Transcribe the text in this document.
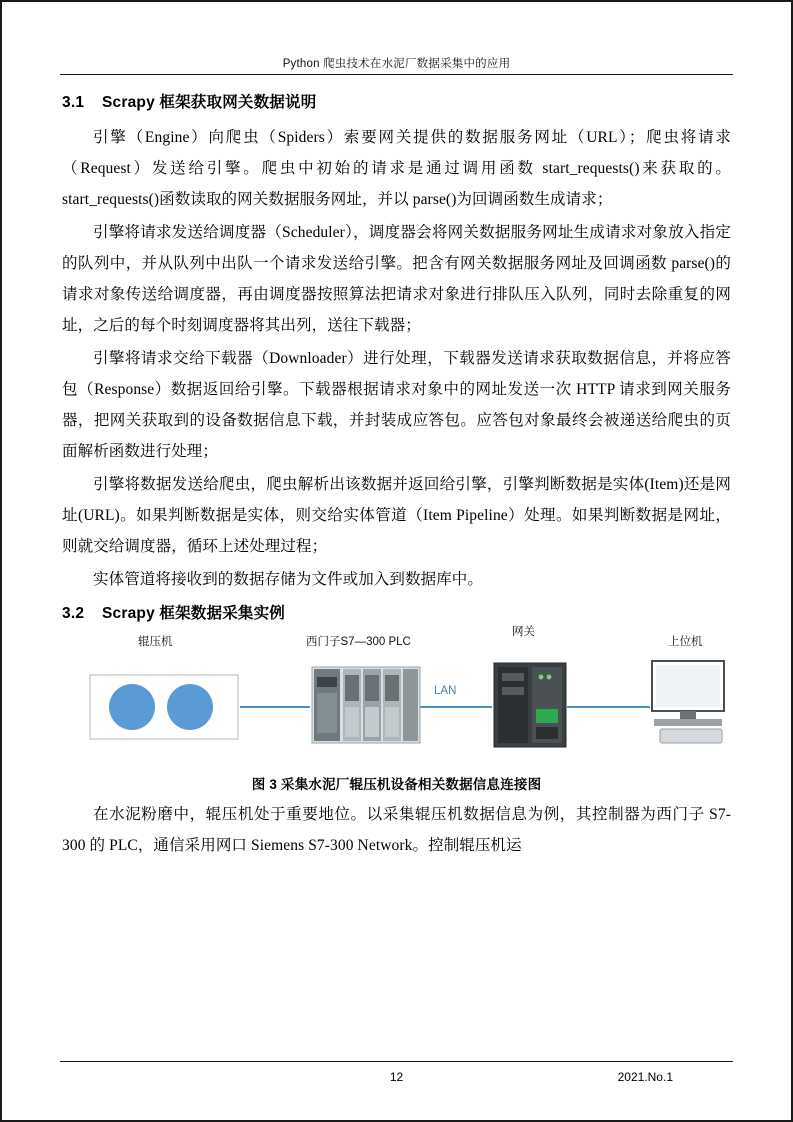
Python 爬虫技术在水泥厂数据采集中的应用
3.1 Scrapy 框架获取网关数据说明

引擎（Engine）向爬虫（Spiders）索要网关提供的数据服务网址（URL）；爬虫将请求（Request）发送给引擎。爬虫中初始的请求是通过调用函数 start_requests()来获取的。start_requests()函数读取的网关数据服务网址，并以 parse()为回调函数生成请求；

引擎将请求发送给调度器（Scheduler），调度器会将网关数据服务网址生成请求对象放入指定的队列中，并从队列中出队一个请求发送给引擎。把含有网关数据服务网址及回调函数 parse()的请求对象传送给调度器，再由调度器按照算法把请求对象进行排队压入队列，同时去除重复的网址，之后的每个时刻调度器将其出列，送往下载器；

引擎将请求交给下载器（Downloader）进行处理，下载器发送请求获取数据信息，并将应答包（Response）数据返回给引擎。下载器根据请求对象中的网址发送一次 HTTP 请求到网关服务器，把网关获取到的设备数据信息下载，并封装成应答包。应答包对象最终会被递送给爬虫的页面解析函数进行处理；

引擎将数据发送给爬虫，爬虫解析出该数据并返回给引擎，引擎判断数据是实体(Item)还是网址(URL)。如果判断数据是实体，则交给实体管道（Item Pipeline）处理。如果判断数据是网址，则就交给调度器，循环上述处理过程；

实体管道将接收到的数据存储为文件或加入到数据库中。

3.2 Scrapy 框架数据采集实例
辊压机	西门子S7—300 PLC
网关
上位机
LAN
图 3 采集水泥厂辊压机设备相关数据信息连接图

在水泥粉磨中，辊压机处于重要地位。以采集辊压机数据信息为例，其控制器为西门子 S7-300 的 PLC，通信采用网口 Siemens S7-300 Network。控制辊压机运

12	2021.No.1
